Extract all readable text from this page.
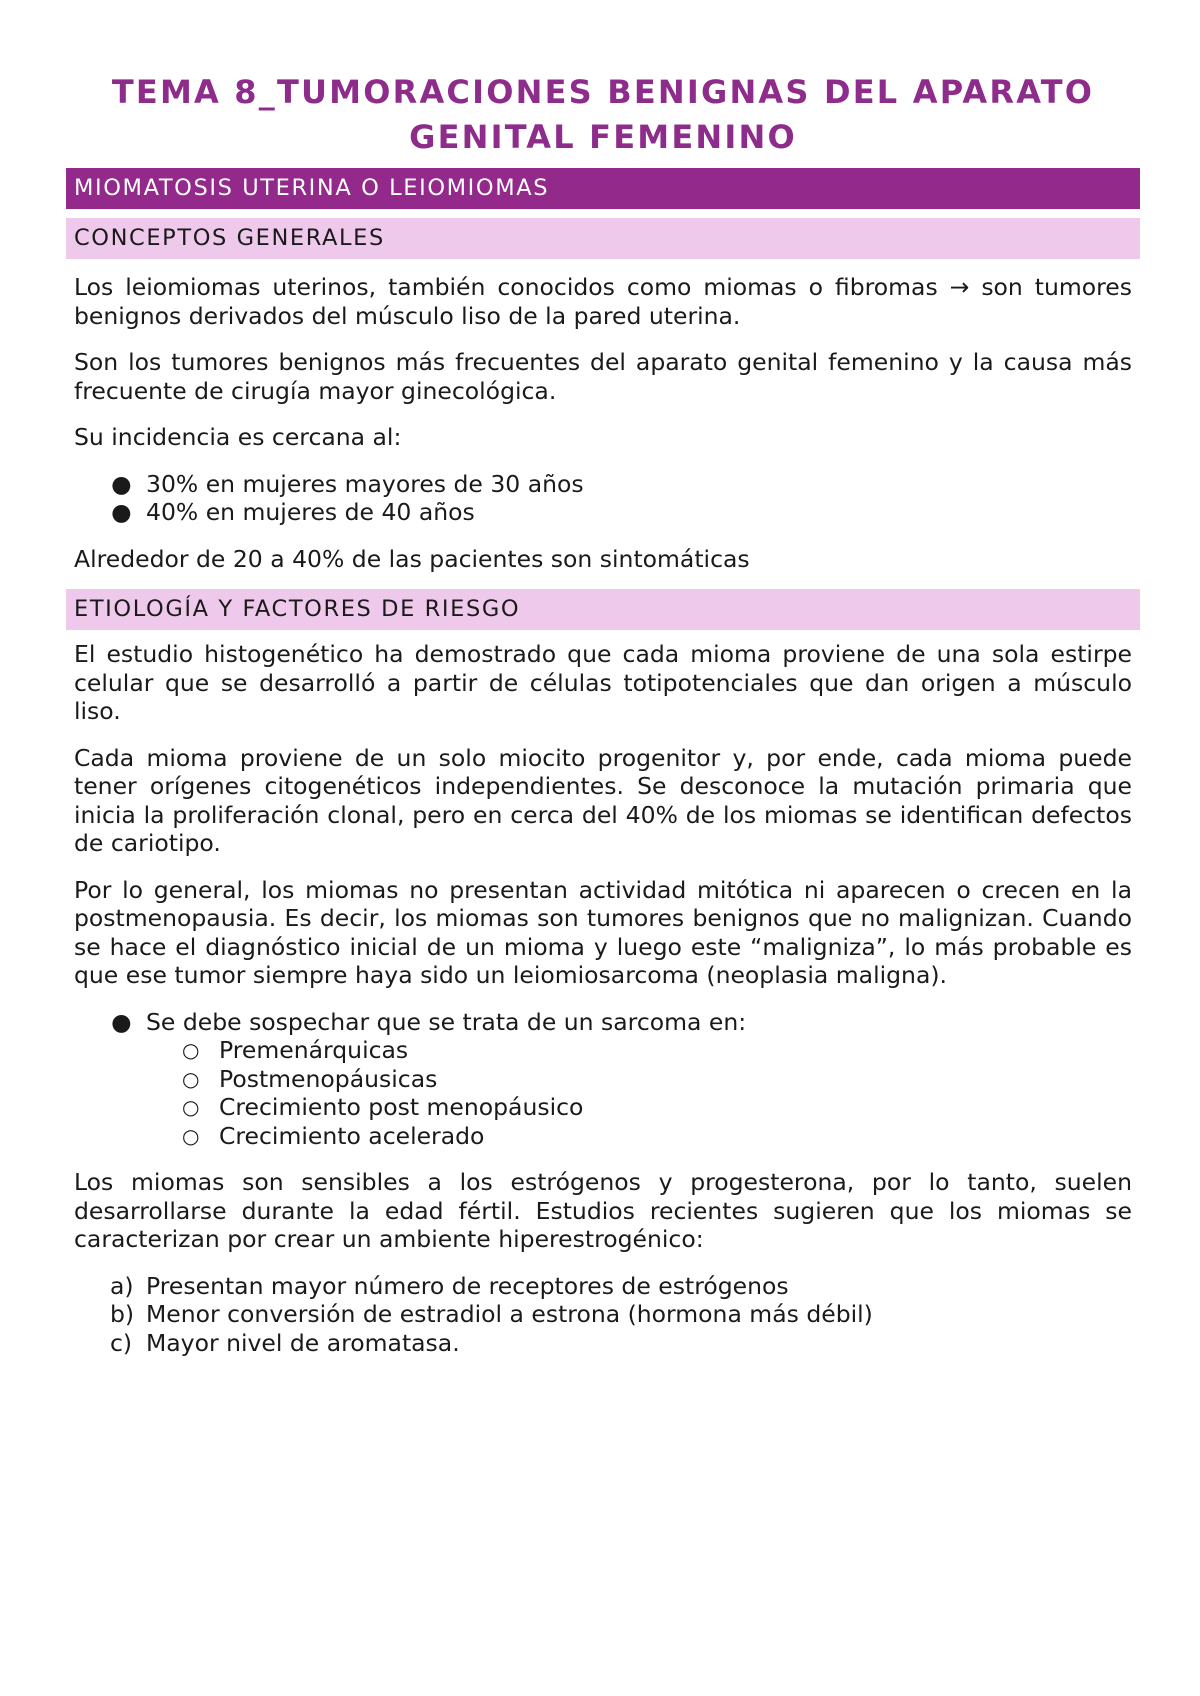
TEMA 8_TUMORACIONES BENIGNAS DEL APARATO
GENITAL FEMENINO
MIOMATOSIS UTERINA O LEIOMIOMAS
CONCEPTOS GENERALES

Los leiomiomas uterinos, también conocidos como miomas o fibromas → son tumores benignos derivados del músculo liso de la pared uterina.

Son los tumores benignos más frecuentes del aparato genital femenino y la causa más frecuente de cirugía mayor ginecológica.

Su incidencia es cercana al:

● 30% en mujeres mayores de 30 años
● 40% en mujeres de 40 años

Alrededor de 20 a 40% de las pacientes son sintomáticas

ETIOLOGÍA Y FACTORES DE RIESGO

El estudio histogenético ha demostrado que cada mioma proviene de una sola estirpe celular que se desarrolló a partir de células totipotenciales que dan origen a músculo liso.

Cada mioma proviene de un solo miocito progenitor y, por ende, cada mioma puede tener orígenes citogenéticos independientes. Se desconoce la mutación primaria que inicia la proliferación clonal, pero en cerca del 40% de los miomas se identifican defectos de cariotipo.

Por lo general, los miomas no presentan actividad mitótica ni aparecen o crecen en la postmenopausia. Es decir, los miomas son tumores benignos que no malignizan. Cuando se hace el diagnóstico inicial de un mioma y luego este “maligniza”, lo más probable es que ese tumor siempre haya sido un leiomiosarcoma (neoplasia maligna).

● Se debe sospechar que se trata de un sarcoma en:
○ Premenárquicas
○ Postmenopáusicas
○ Crecimiento post menopáusico
○ Crecimiento acelerado

Los miomas son sensibles a los estrógenos y progesterona, por lo tanto, suelen desarrollarse durante la edad fértil. Estudios recientes sugieren que los miomas se caracterizan por crear un ambiente hiperestrogénico:

a) Presentan mayor número de receptores de estrógenos
b) Menor conversión de estradiol a estrona (hormona más débil)
c) Mayor nivel de aromatasa.
